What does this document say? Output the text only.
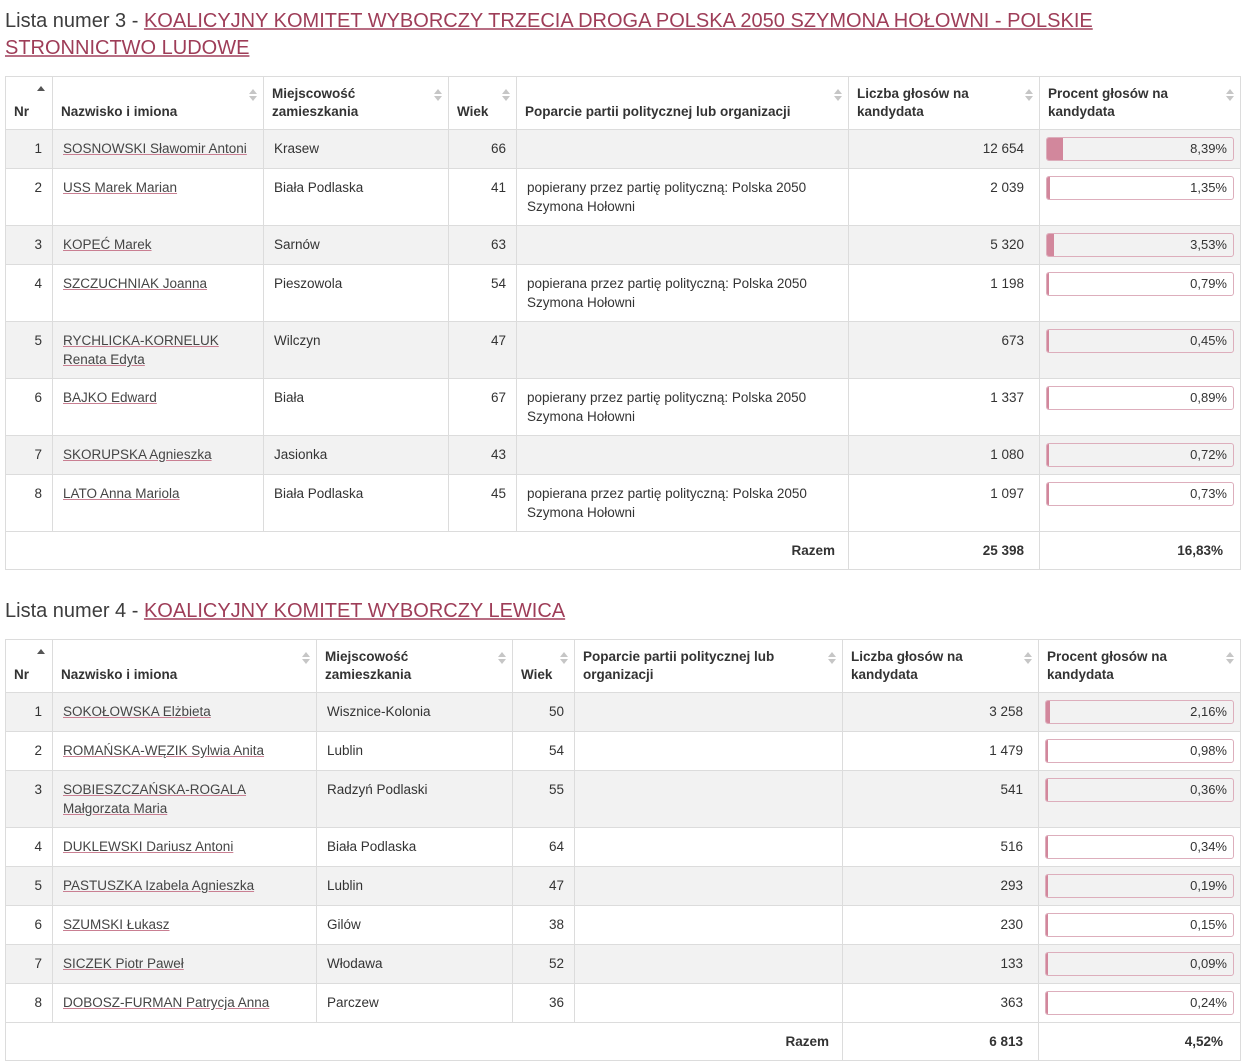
Lista numer 3 - KOALICYJNY KOMITET WYBORCZY TRZECIA DROGA POLSKA 2050 SZYMONA HOŁOWNI - POLSKIE STRONNICTWO LUDOWE
Nr	Nazwisko i imiona	Miejscowość zamieszkania	Wiek	Poparcie partii politycznej lub organizacji	Liczba głosów na kandydata	Procent głosów na kandydata

1	SOSNOWSKI Sławomir Antoni	Krasew	66		12 654	8,39%

2	USS Marek Marian	Biała Podlaska	41	popierany przez partię polityczną: Polska 2050 Szymona Hołowni	2 039	1,35%

3	KOPEĆ Marek	Sarnów	63		5 320	3,53%

4	SZCZUCHNIAK Joanna	Pieszowola	54	popierana przez partię polityczną: Polska 2050 Szymona Hołowni	1 198	0,79%

5	RYCHLICKA-KORNELUK Renata Edyta	Wilczyn	47		673	0,45%

6	BAJKO Edward	Biała	67	popierany przez partię polityczną: Polska 2050 Szymona Hołowni	1 337	0,89%

7	SKORUPSKA Agnieszka	Jasionka	43		1 080	0,72%

8	LATO Anna Mariola	Biała Podlaska	45	popierana przez partię polityczną: Polska 2050 Szymona Hołowni	1 097	0,73%

Razem					25 398	16,83%
Lista numer 4 - KOALICYJNY KOMITET WYBORCZY LEWICA
Nr	Nazwisko i imiona	Miejscowość zamieszkania	Wiek	Poparcie partii politycznej lub organizacji	Liczba głosów na kandydata	Procent głosów na kandydata

1	SOKOŁOWSKA Elżbieta	Wisznice-Kolonia	50		3 258	2,16%

2	ROMAŃSKA-WĘZIK Sylwia Anita	Lublin	54		1 479	0,98%

3	SOBIESZCZAŃSKA-ROGALA Małgorzata Maria	Radzyń Podlaski	55		541	0,36%

4	DUKLEWSKI Dariusz Antoni	Biała Podlaska	64		516	0,34%

5	PASTUSZKA Izabela Agnieszka	Lublin	47		293	0,19%

6	SZUMSKI Łukasz	Gilów	38		230	0,15%

7	SICZEK Piotr Paweł	Włodawa	52		133	0,09%

8	DOBOSZ-FURMAN Patrycja Anna	Parczew	36		363	0,24%

Razem					6 813	4,52%
